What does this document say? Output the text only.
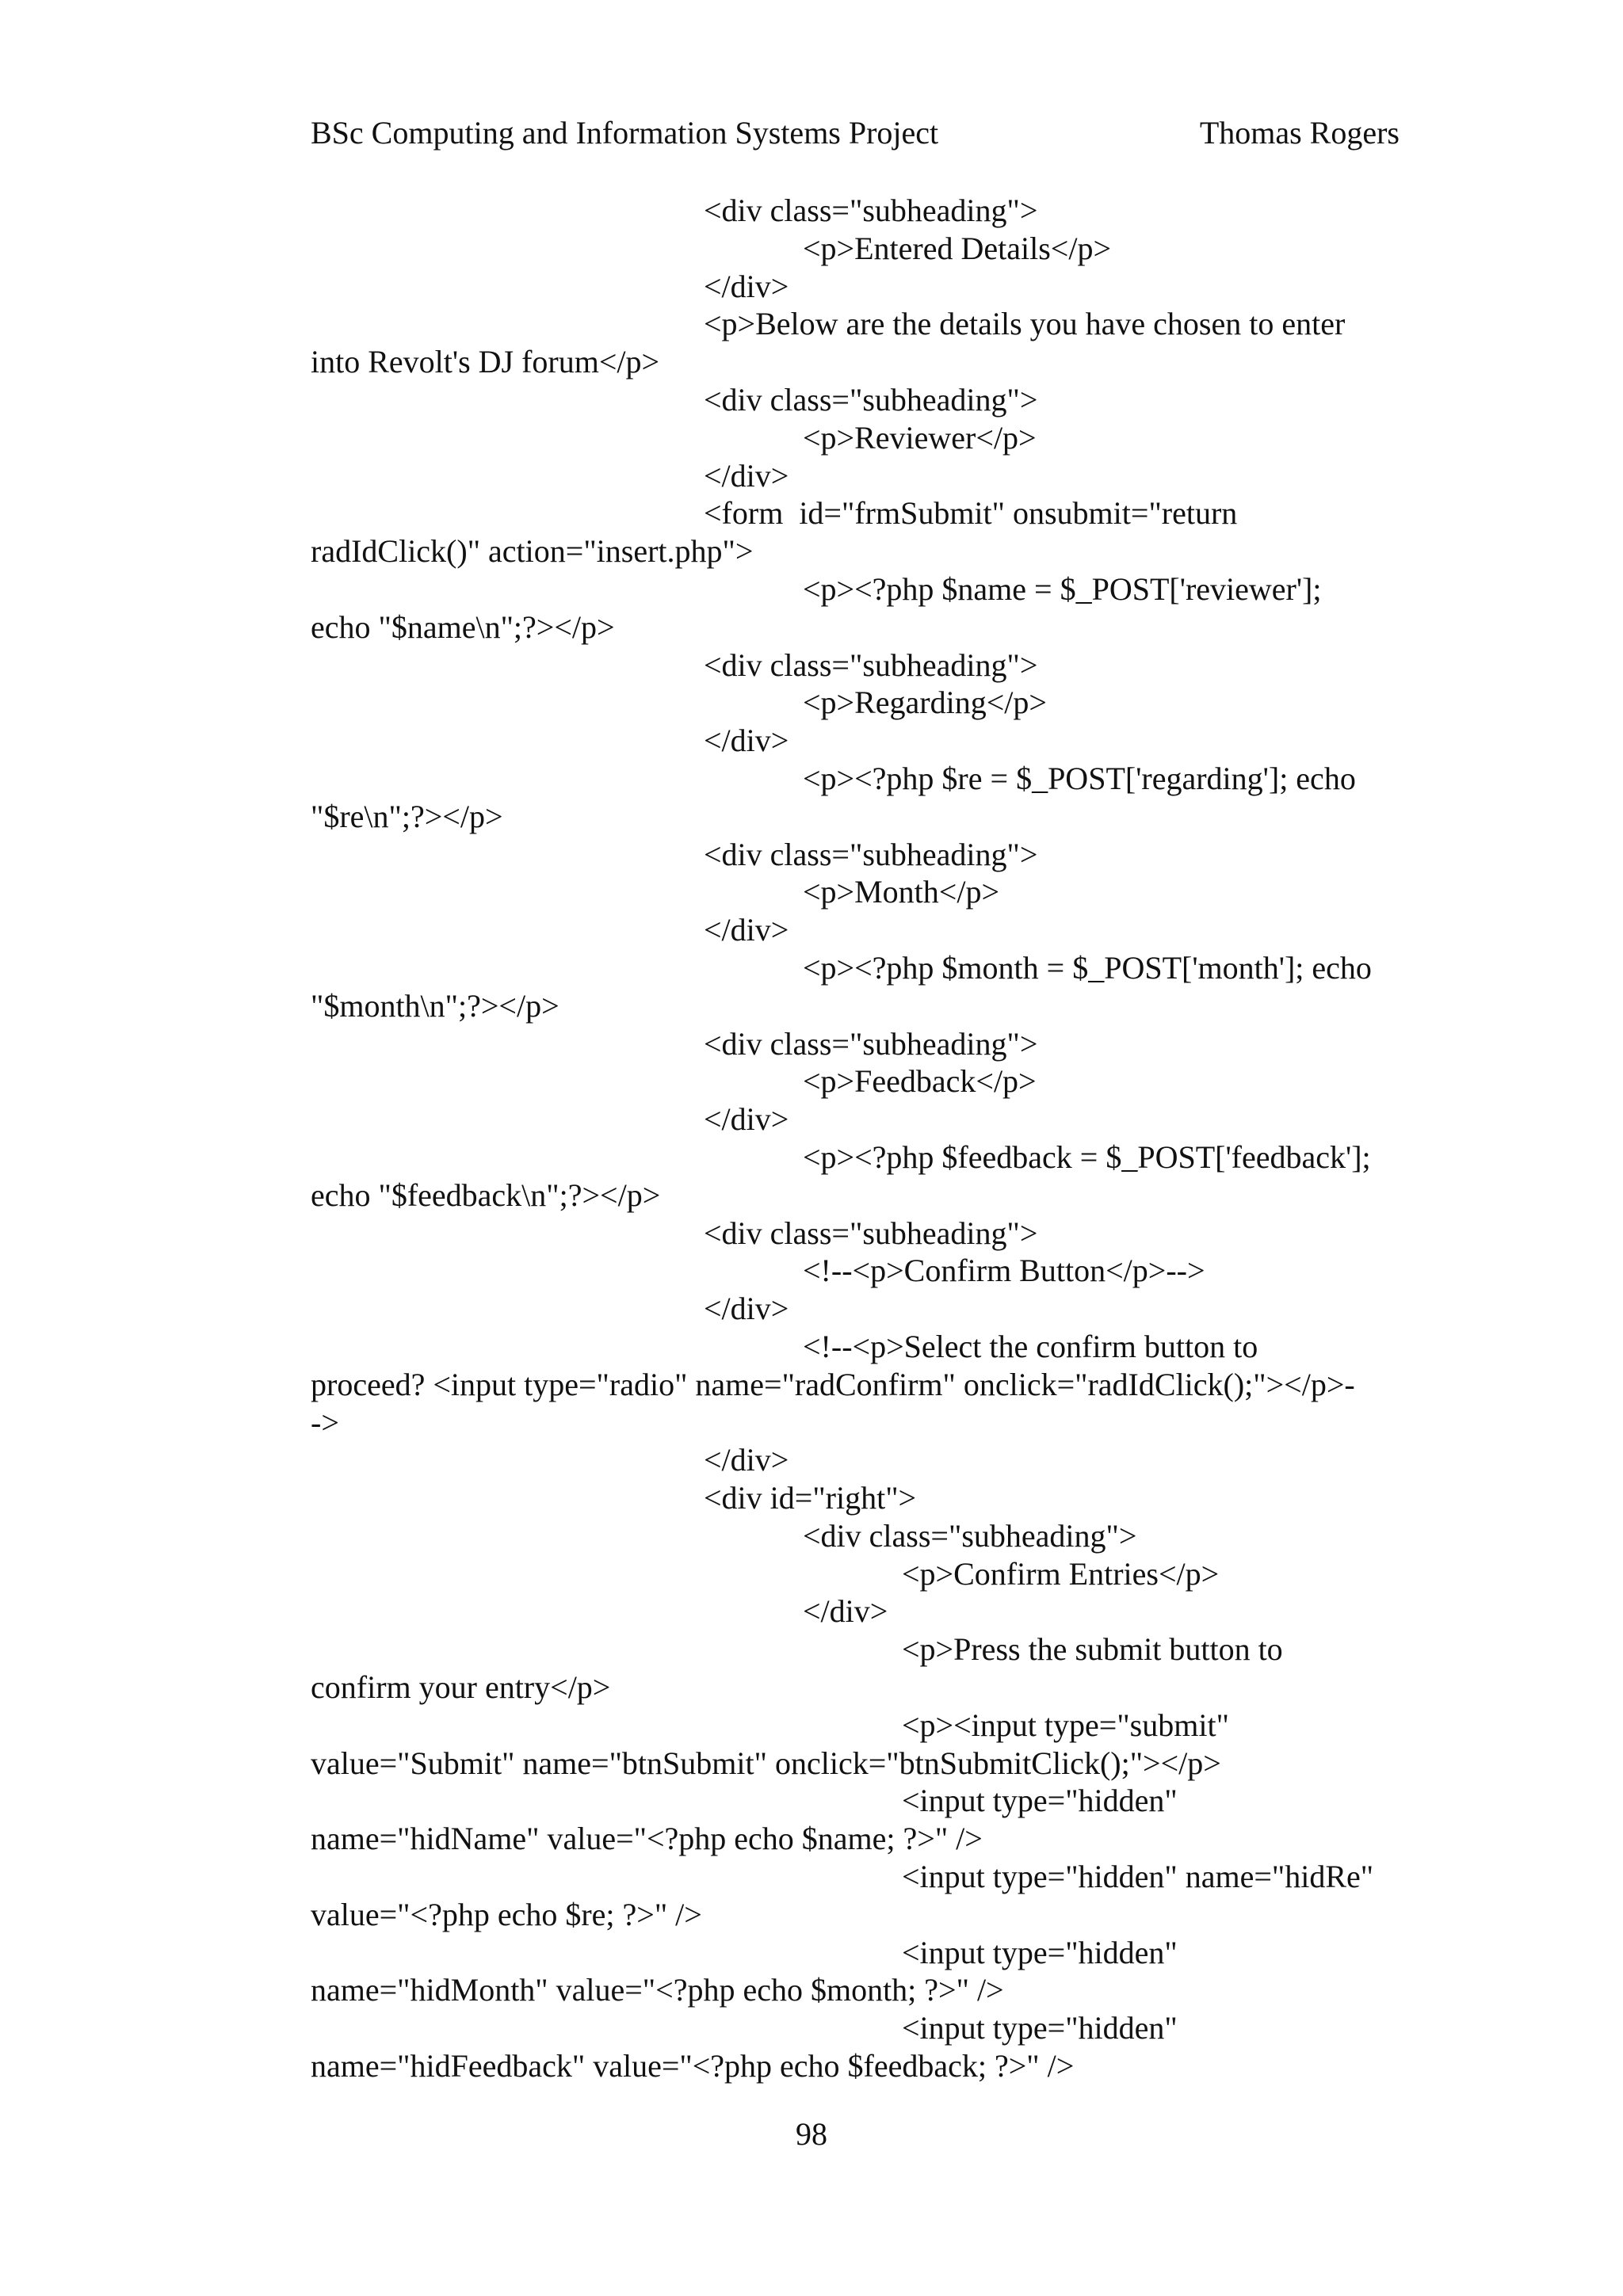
BSc Computing and Information Systems Project	Thomas Rogers
<div class="subheading">
<p>Entered Details</p>
</div>
<p>Below are the details you have chosen to enter
into Revolt's DJ forum</p>
<div class="subheading">
<p>Reviewer</p>
</div>
<form  id="frmSubmit" onsubmit="return
radIdClick()" action="insert.php">
<p><?php $name = $_POST['reviewer'];
echo "$name\n";?></p>
<div class="subheading">
<p>Regarding</p>
</div>
<p><?php $re = $_POST['regarding']; echo
"$re\n";?></p>
<div class="subheading">
<p>Month</p>
</div>
<p><?php $month = $_POST['month']; echo
"$month\n";?></p>
<div class="subheading">
<p>Feedback</p>
</div>
<p><?php $feedback = $_POST['feedback'];
echo "$feedback\n";?></p>
<div class="subheading">
<!--<p>Confirm Button</p>-->
</div>
<!--<p>Select the confirm button to
proceed? <input type="radio" name="radConfirm" onclick="radIdClick();"></p>-
->
</div>
<div id="right">
<div class="subheading">
<p>Confirm Entries</p>
</div>
<p>Press the submit button to
confirm your entry</p>
<p><input type="submit"
value="Submit" name="btnSubmit" onclick="btnSubmitClick();"></p>
<input type="hidden"
name="hidName" value="<?php echo $name; ?>" />
<input type="hidden" name="hidRe"
value="<?php echo $re; ?>" />
<input type="hidden"
name="hidMonth" value="<?php echo $month; ?>" />
<input type="hidden"
name="hidFeedback" value="<?php echo $feedback; ?>" />
98
